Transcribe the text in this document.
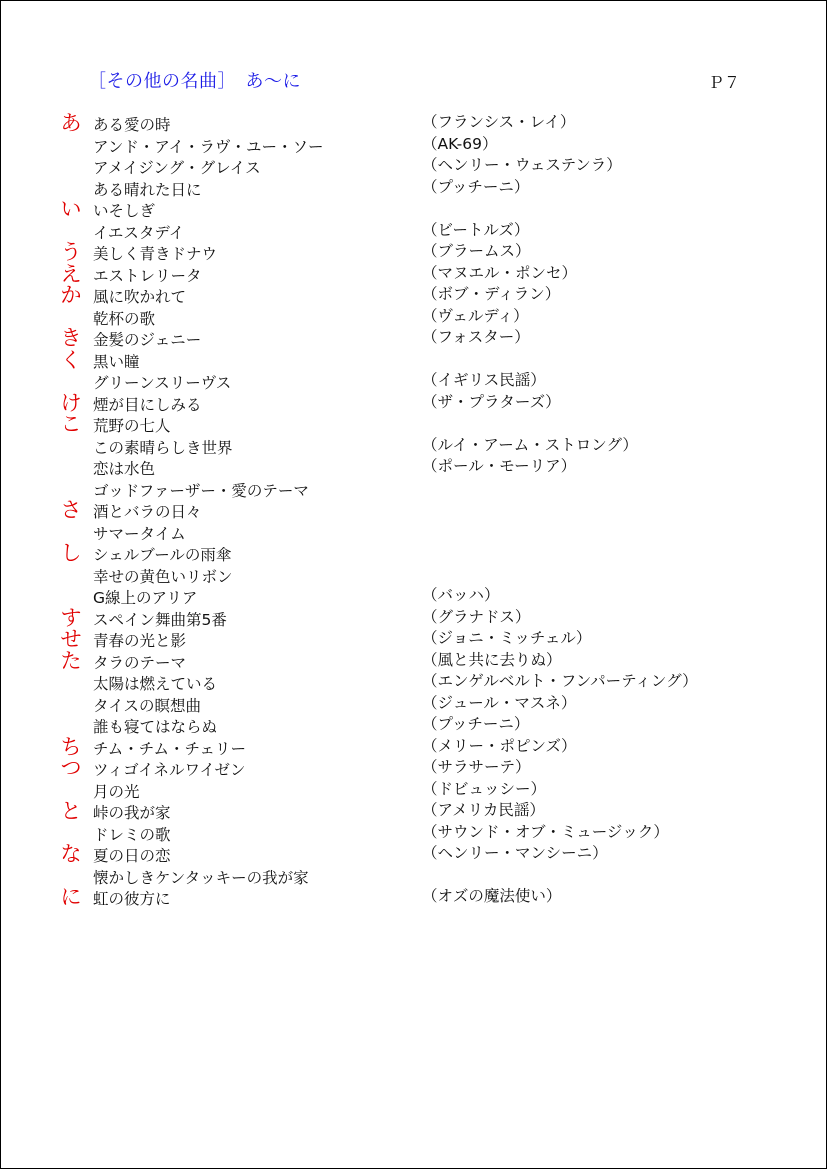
［その他の名曲］　あ～に	Ｐ７
あ ある愛の時	（フランシス・レイ）
アンド・アイ・ラヴ・ユー・ソー	（AK-69）
アメイジング・グレイス	（ヘンリー・ウェステンラ）
ある晴れた日に	（プッチーニ）
い いそしぎ
イエスタデイ	（ビートルズ）
う 美しく青きドナウ	（ブラームス）
え エストレリータ	（マヌエル・ポンセ）
か 風に吹かれて	（ボブ・ディラン）
乾杯の歌	（ヴェルディ）
き 金髪のジェニー	（フォスター）
く 黒い瞳
グリーンスリーヴス	（イギリス民謡）
け 煙が目にしみる	（ザ・プラターズ）
こ 荒野の七人
この素晴らしき世界	（ルイ・アーム・ストロング）
恋は水色	（ポール・モーリア）
ゴッドファーザー・愛のテーマ
さ 酒とバラの日々
サマータイム
し シェルブールの雨傘
幸せの黄色いリボン
G線上のアリア	（バッハ）
す スペイン舞曲第5番	（グラナドス）
せ 青春の光と影	（ジョニ・ミッチェル）
た タラのテーマ	（風と共に去りぬ）
太陽は燃えている	（エンゲルベルト・フンパーティング）
タイスの瞑想曲	（ジュール・マスネ）
誰も寝てはならぬ	（プッチーニ）
ち チム・チム・チェリー	（メリー・ポピンズ）
つ ツィゴイネルワイゼン	（サラサーテ）
月の光	（ドビュッシー）
と 峠の我が家	（アメリカ民謡）
ドレミの歌	（サウンド・オブ・ミュージック）
な 夏の日の恋	（ヘンリー・マンシーニ）
懐かしきケンタッキーの我が家
に 虹の彼方に	（オズの魔法使い）
